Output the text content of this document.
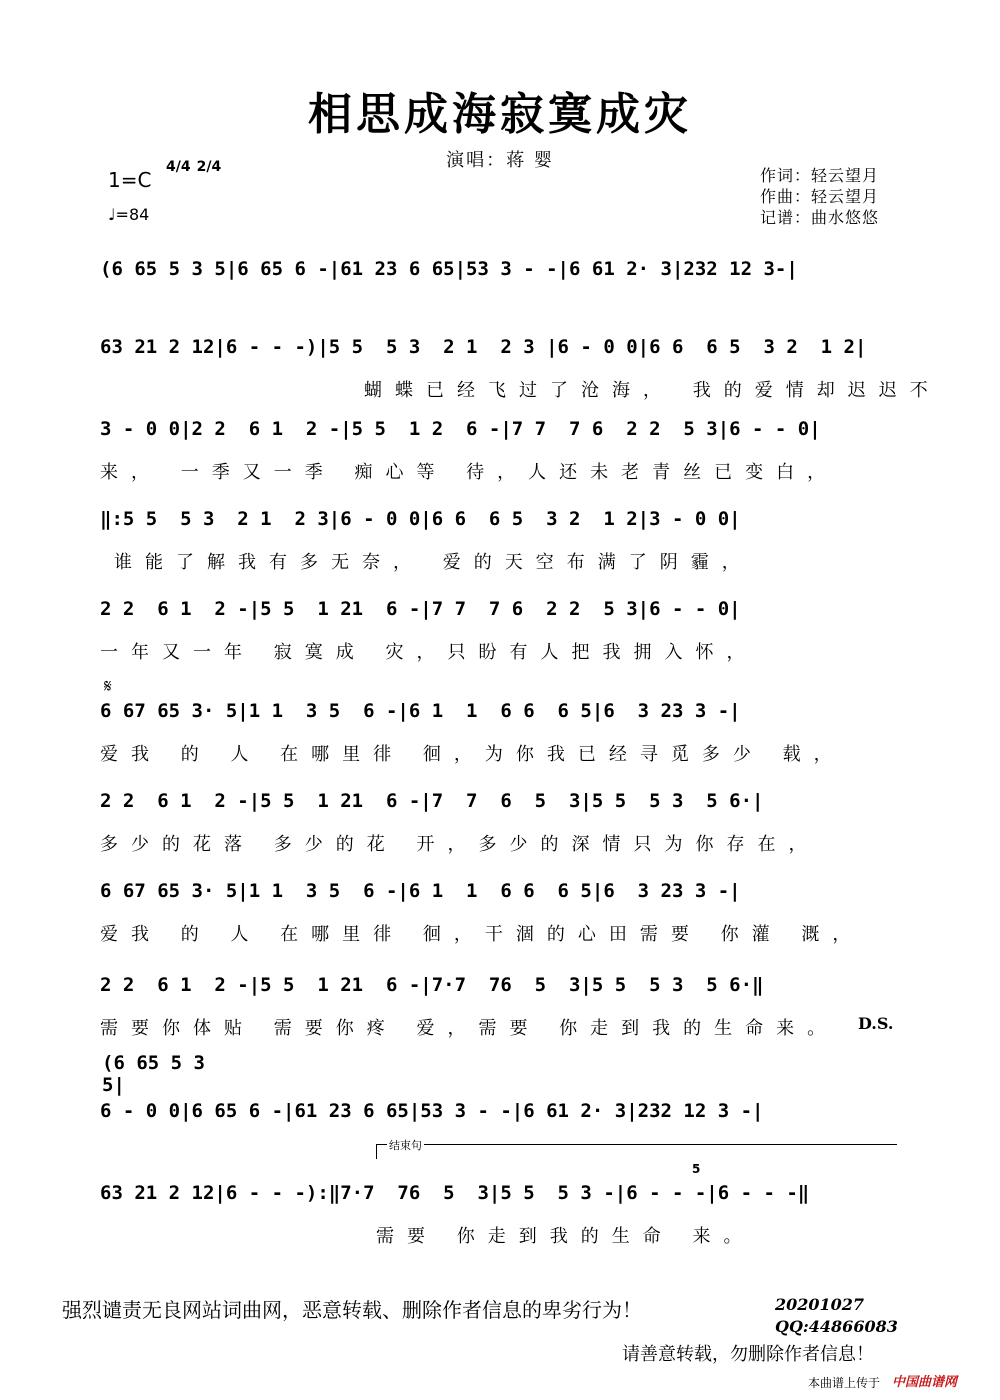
相思成海寂寞成灾
演唱：蒋 婴
1=C
4/4 2/4
♩=84
作词：轻云望月
作曲：轻云望月
记谱：曲水悠悠
𝄋
(6 65 5 3 5|6 65 6 -|61 23 6 65|53 3 - -|6 61 2· 3|232 12 3-|
63 21 2 12|6 - - -)|5 5  5 3  2 1  2 3 |6 - 0 0|6 6  6 5  3 2  1 2|
蝴蝶已经飞过了沧海， 我的爱情却迟迟不
3 - 0 0|2 2  6 1  2 -|5 5  1 2  6 -|7 7  7 6  2 2  5 3|6 - - 0|
来， 一季又一季 痴心等 待，人还未老青丝已变白，
‖:5 5  5 3  2 1  2 3|6 - 0 0|6 6  6 5  3 2  1 2|3 - 0 0|
谁能了解我有多无奈， 爱的天空布满了阴霾，
2 2  6 1  2 -|5 5  1 21  6 -|7 7  7 6  2 2  5 3|6 - - 0|
一年又一年 寂寞成 灾，只盼有人把我拥入怀，
6 67 65 3· 5|1 1  3 5  6 -|6 1  1  6 6  6 5|6  3 23 3 -|
爱我 的 人 在哪里徘 徊，为你我已经寻觅多少 载，
2 2  6 1  2 -|5 5  1 21  6 -|7  7  6  5  3|5 5  5 3  5 6·|
多少的花落 多少的花 开，多少的深情只为你存在，
6 67 65 3· 5|1 1  3 5  6 -|6 1  1  6 6  6 5|6  3 23 3 -|
爱我 的 人 在哪里徘 徊，干涸的心田需要 你灌 溉，
2 2  6 1  2 -|5 5  1 21  6 -|7·7  76  5  3|5 5  5 3  5 6·‖
需要你体贴 需要你疼 爱，需要 你走到我的生命来。
6 - 0 0|6 65 6 -|61 23 6 65|53 3 - -|6 61 2· 3|232 12 3 -|
63 21 2 12|6 - - -):‖7·7  76  5  3|5 5  5 3 -|6 - - -|6 - - -‖
需要 你走到我的生命 来。
(6 65 5 3 5|
D.S.
结束句
5
强烈谴责无良网站词曲网，恶意转载、删除作者信息的卑劣行为！	20201027
QQ:44866083
请善意转载，勿删除作者信息！
本曲谱上传于 中国曲谱网
